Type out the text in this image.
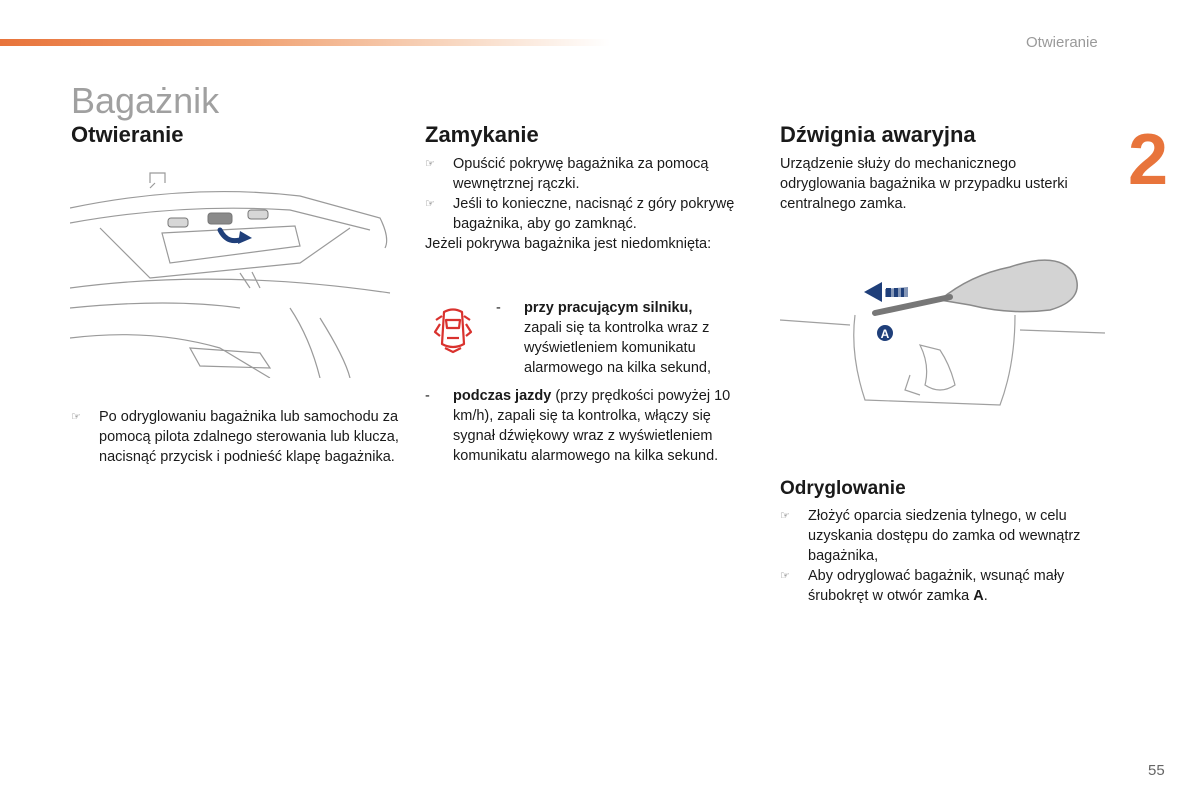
Otwieranie
2
Bagażnik
Otwieranie
☞ Po odryglowaniu bagażnika lub samochodu za pomocą pilota zdalnego sterowania lub klucza, nacisnąć przycisk i podnieść klapę bagażnika.
Zamykanie
☞ Opuścić pokrywę bagażnika za pomocą wewnętrznej rączki.
☞ Jeśli to konieczne, nacisnąć z góry pokrywę bagażnika, aby go zamknąć.
Jeżeli pokrywa bagażnika jest niedomknięta:
- przy pracującym silniku,
zapali się ta kontrolka wraz z wyświetleniem komunikatu alarmowego na kilka sekund,
- podczas jazdy (przy prędkości powyżej 10 km/h), zapali się ta kontrolka, włączy się sygnał dźwiękowy wraz z wyświetleniem komunikatu alarmowego na kilka sekund.
Dźwignia awaryjna
Urządzenie służy do mechanicznego odryglowania bagażnika w przypadku usterki centralnego zamka.
A
Odryglowanie
☞ Złożyć oparcia siedzenia tylnego, w celu uzyskania dostępu do zamka od wewnątrz bagażnika,
☞ Aby odryglować bagażnik, wsunąć mały śrubokręt w otwór zamka A.
55
